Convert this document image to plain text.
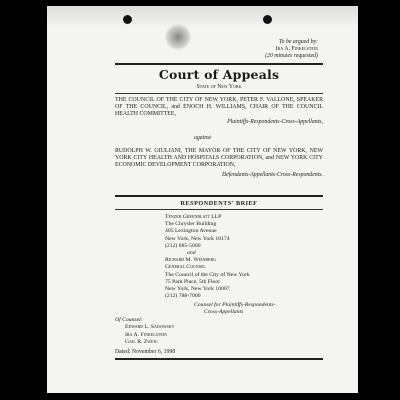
To be argued by:
Ira A. Finkelstein
(20 minutes requested)
Court of Appeals
State of New York
THE COUNCIL OF THE CITY OF NEW YORK, PETER F. VALLONE, SPEAKER OF THE COUNCIL, and ENOCH H. WILLIAMS, CHAIR OF THE COUNCIL HEALTH COMMITTEE,
Plaintiffs-Respondents-Cross-Appellants,
against
RUDOLPH W. GIULIANI, THE MAYOR OF THE CITY OF NEW YORK, NEW YORK CITY HEALTH AND HOSPITALS CORPORATION, and NEW YORK CITY ECONOMIC DEVELOPMENT CORPORATION,
Defendants-Appellants-Cross-Respondents.
RESPONDENTS' BRIEF
Tenzer Greenblatt LLP
The Chrysler Building
405 Lexington Avenue
New York, New York 10174
(212) 885-5000
and
Richard M. Weinberg
General Counsel
The Council of the City of New York
75 Park Place, 5th Floor
New York, New York 10007
(212) 788-7000
Counsel for Plaintiffs-Respondents-
Cross-Appellants
Of Counsel:
Edward L. Sadowsky
Ira A. Finkelstein
Gail R. Zweig
Dated: November 6, 1998
